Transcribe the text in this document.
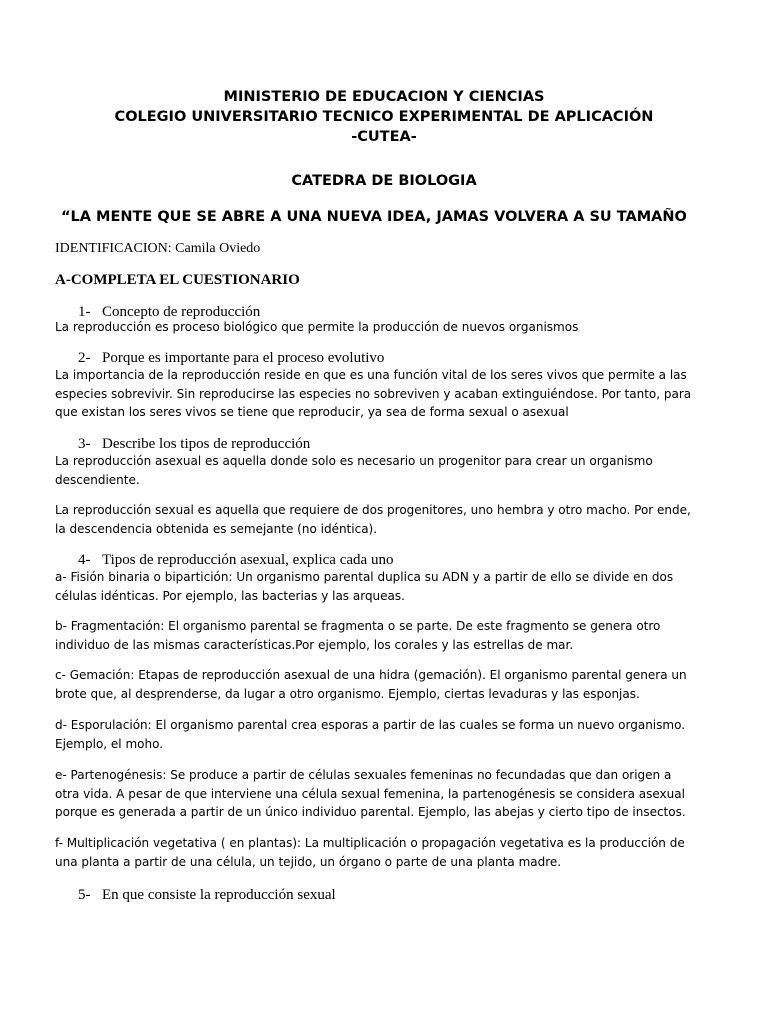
MINISTERIO DE EDUCACION Y CIENCIAS
COLEGIO UNIVERSITARIO TECNICO EXPERIMENTAL DE APLICACIÓN
-CUTEA-
CATEDRA DE BIOLOGIA
“LA MENTE QUE SE ABRE A UNA NUEVA IDEA, JAMAS VOLVERA A SU TAMAÑO
IDENTIFICACION: Camila Oviedo
A-COMPLETA EL CUESTIONARIO
1- Concepto de reproducción
La reproducción es proceso biológico que permite la producción de nuevos organismos
2- Porque es importante para el proceso evolutivo
La importancia de la reproducción reside en que es una función vital de los seres vivos que permite a las especies sobrevivir. Sin reproducirse las especies no sobreviven y acaban extinguiéndose. Por tanto, para que existan los seres vivos se tiene que reproducir, ya sea de forma sexual o asexual
3- Describe los tipos de reproducción
La reproducción asexual es aquella donde solo es necesario un progenitor para crear un organismo descendiente.
La reproducción sexual es aquella que requiere de dos progenitores, uno hembra y otro macho. Por ende, la descendencia obtenida es semejante (no idéntica).
4- Tipos de reproducción asexual, explica cada uno
a- Fisión binaria o bipartición: Un organismo parental duplica su ADN y a partir de ello se divide en dos células idénticas. Por ejemplo, las bacterias y las arqueas.
b- Fragmentación: El organismo parental se fragmenta o se parte. De este fragmento se genera otro individuo de las mismas características.Por ejemplo, los corales y las estrellas de mar.
c- Gemación: Etapas de reproducción asexual de una hidra (gemación). El organismo parental genera un brote que, al desprenderse, da lugar a otro organismo. Ejemplo, ciertas levaduras y las esponjas.
d- Esporulación: El organismo parental crea esporas a partir de las cuales se forma un nuevo organismo. Ejemplo, el moho.
e- Partenogénesis: Se produce a partir de células sexuales femeninas no fecundadas que dan origen a otra vida. A pesar de que interviene una célula sexual femenina, la partenogénesis se considera asexual porque es generada a partir de un único individuo parental. Ejemplo, las abejas y cierto tipo de insectos.
f- Multiplicación vegetativa ( en plantas): La multiplicación o propagación vegetativa es la producción de una planta a partir de una célula, un tejido, un órgano o parte de una planta madre.
5- En que consiste la reproducción sexual
